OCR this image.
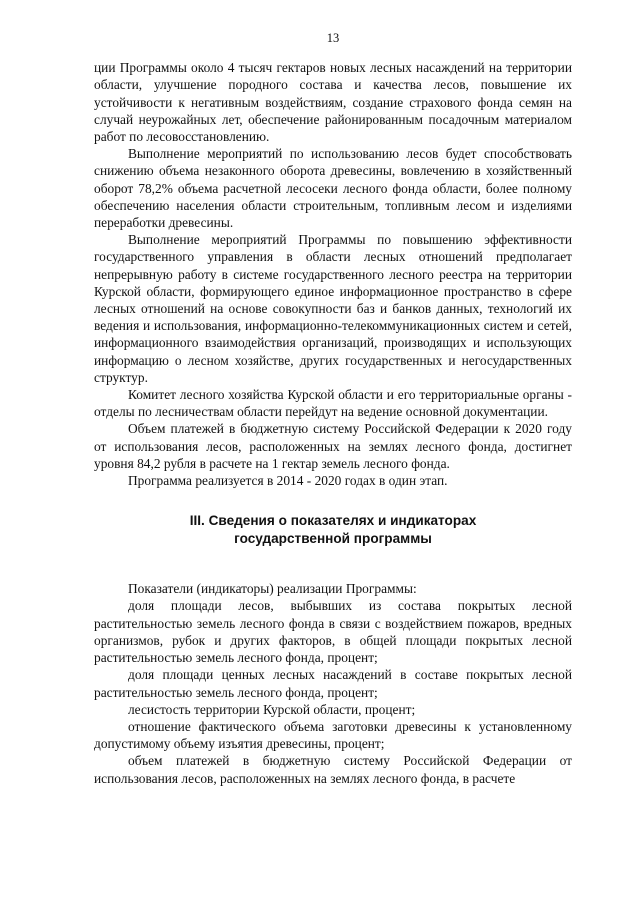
13

ции Программы около 4 тысяч гектаров новых лесных насаждений на территории области, улучшение породного состава и качества лесов, повышение их устойчивости к негативным воздействиям, создание страхового фонда семян на случай неурожайных лет, обеспечение районированным посадочным материалом работ по лесовосстановлению.

Выполнение мероприятий по использованию лесов будет способствовать снижению объема незаконного оборота древесины, вовлечению в хозяйственный оборот 78,2% объема расчетной лесосеки лесного фонда области, более полному обеспечению населения области строительным, топливным лесом и изделиями переработки древесины.

Выполнение мероприятий Программы по повышению эффективности государственного управления в области лесных отношений предполагает непрерывную работу в системе государственного лесного реестра на территории Курской области, формирующего единое информационное пространство в сфере лесных отношений на основе совокупности баз и банков данных, технологий их ведения и использования, информационно-телекоммуникационных систем и сетей, информационного взаимодействия организаций, производящих и использующих информацию о лесном хозяйстве, других государственных и негосударственных структур.

Комитет лесного хозяйства Курской области и его территориальные органы - отделы по лесничествам области перейдут на ведение основной документации.

Объем платежей в бюджетную систему Российской Федерации к 2020 году от использования лесов, расположенных на землях лесного фонда, достигнет уровня 84,2 рубля в расчете на 1 гектар земель лесного фонда.

Программа реализуется в 2014 - 2020 годах в один этап.

III. Сведения о показателях и индикаторах
государственной программы

Показатели (индикаторы) реализации Программы:

доля площади лесов, выбывших из состава покрытых лесной растительностью земель лесного фонда в связи с воздействием пожаров, вредных организмов, рубок и других факторов, в общей площади покрытых лесной растительностью земель лесного фонда, процент;

доля площади ценных лесных насаждений в составе покрытых лесной растительностью земель лесного фонда, процент;

лесистость территории Курской области, процент;

отношение фактического объема заготовки древесины к установленному допустимому объему изъятия древесины, процент;

объем платежей в бюджетную систему Российской Федерации от использования лесов, расположенных на землях лесного фонда, в расчете
